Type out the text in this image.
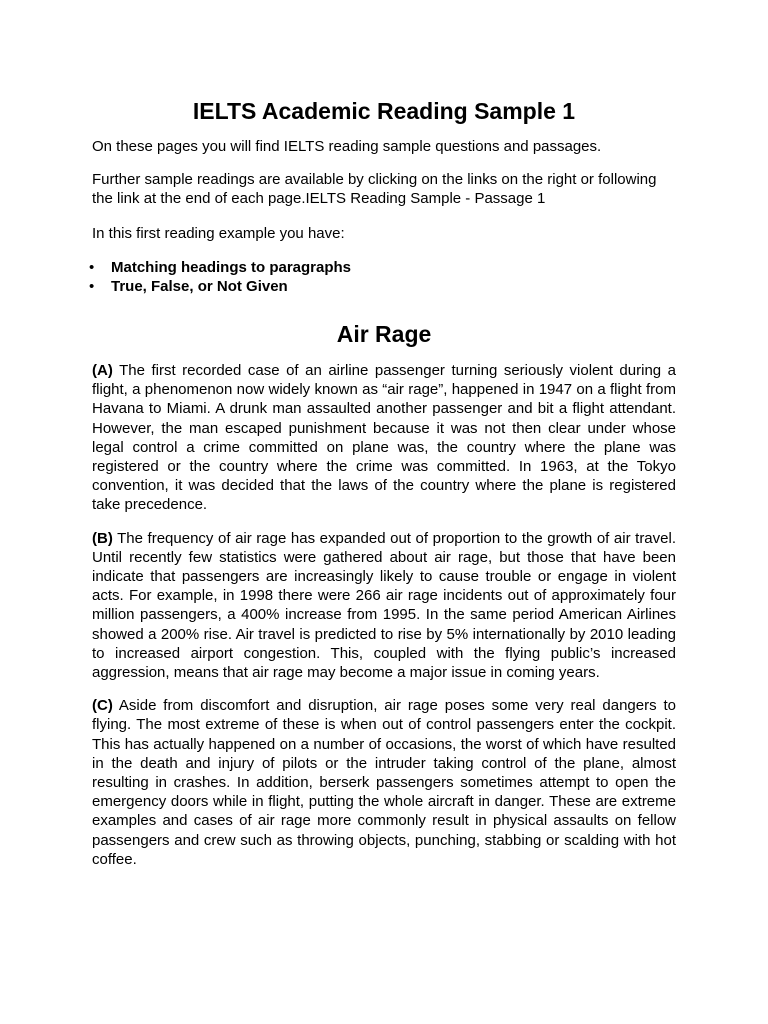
IELTS Academic Reading Sample 1

On these pages you will find IELTS reading sample questions and passages.

Further sample readings are available by clicking on the links on the right or following the link at the end of each page.IELTS Reading Sample - Passage 1

In this first reading example you have:

• Matching headings to paragraphs
• True, False, or Not Given
Air Rage

(A) The first recorded case of an airline passenger turning seriously violent during a flight, a phenomenon now widely known as “air rage”, happened in 1947 on a flight from Havana to Miami. A drunk man assaulted another passenger and bit a flight attendant. However, the man escaped punishment because it was not then clear under whose legal control a crime committed on plane was, the country where the plane was registered or the country where the crime was committed. In 1963, at the Tokyo convention, it was decided that the laws of the country where the plane is registered take precedence.

(B) The frequency of air rage has expanded out of proportion to the growth of air travel. Until recently few statistics were gathered about air rage, but those that have been indicate that passengers are increasingly likely to cause trouble or engage in violent acts. For example, in 1998 there were 266 air rage incidents out of approximately four million passengers, a 400% increase from 1995. In the same period American Airlines showed a 200% rise. Air travel is predicted to rise by 5% internationally by 2010 leading to increased airport congestion. This, coupled with the flying public’s increased aggression, means that air rage may become a major issue in coming years.

(C) Aside from discomfort and disruption, air rage poses some very real dangers to flying. The most extreme of these is when out of control passengers enter the cockpit. This has actually happened on a number of occasions, the worst of which have resulted in the death and injury of pilots or the intruder taking control of the plane, almost resulting in crashes. In addition, berserk passengers sometimes attempt to open the emergency doors while in flight, putting the whole aircraft in danger. These are extreme examples and cases of air rage more commonly result in physical assaults on fellow passengers and crew such as throwing objects, punching, stabbing or scalding with hot coffee.
